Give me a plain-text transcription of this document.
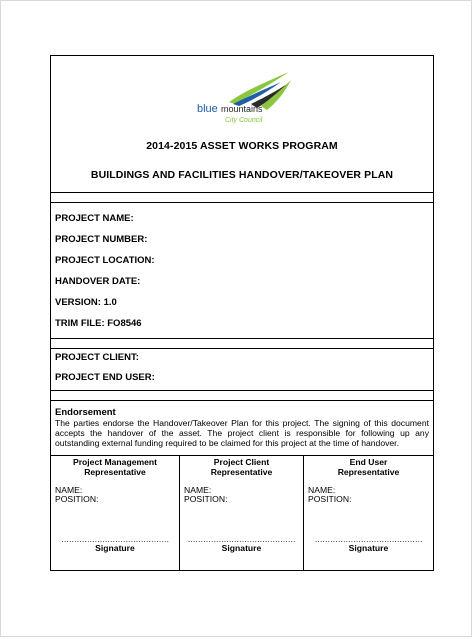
blue mountains
City Council
2014-2015 ASSET WORKS PROGRAM
BUILDINGS AND FACILITIES HANDOVER/TAKEOVER PLAN
PROJECT NAME:
PROJECT NUMBER:
PROJECT LOCATION:
HANDOVER DATE:
VERSION: 1.0
TRIM FILE: FO8546
PROJECT CLIENT:
PROJECT END USER:
Endorsement
The parties endorse the Handover/Takeover Plan for this project. The signing of this document accepts the handover of the asset. The project client is responsible for following up any outstanding external funding required to be claimed for this project at the time of handover.
Project Management
Representative
NAME:
POSITION:
……………………………………
Signature
Project Client
Representative
NAME:
POSITION:
……………………………………
Signature
End User
Representative
NAME:
POSITION:
……………………………………
Signature
